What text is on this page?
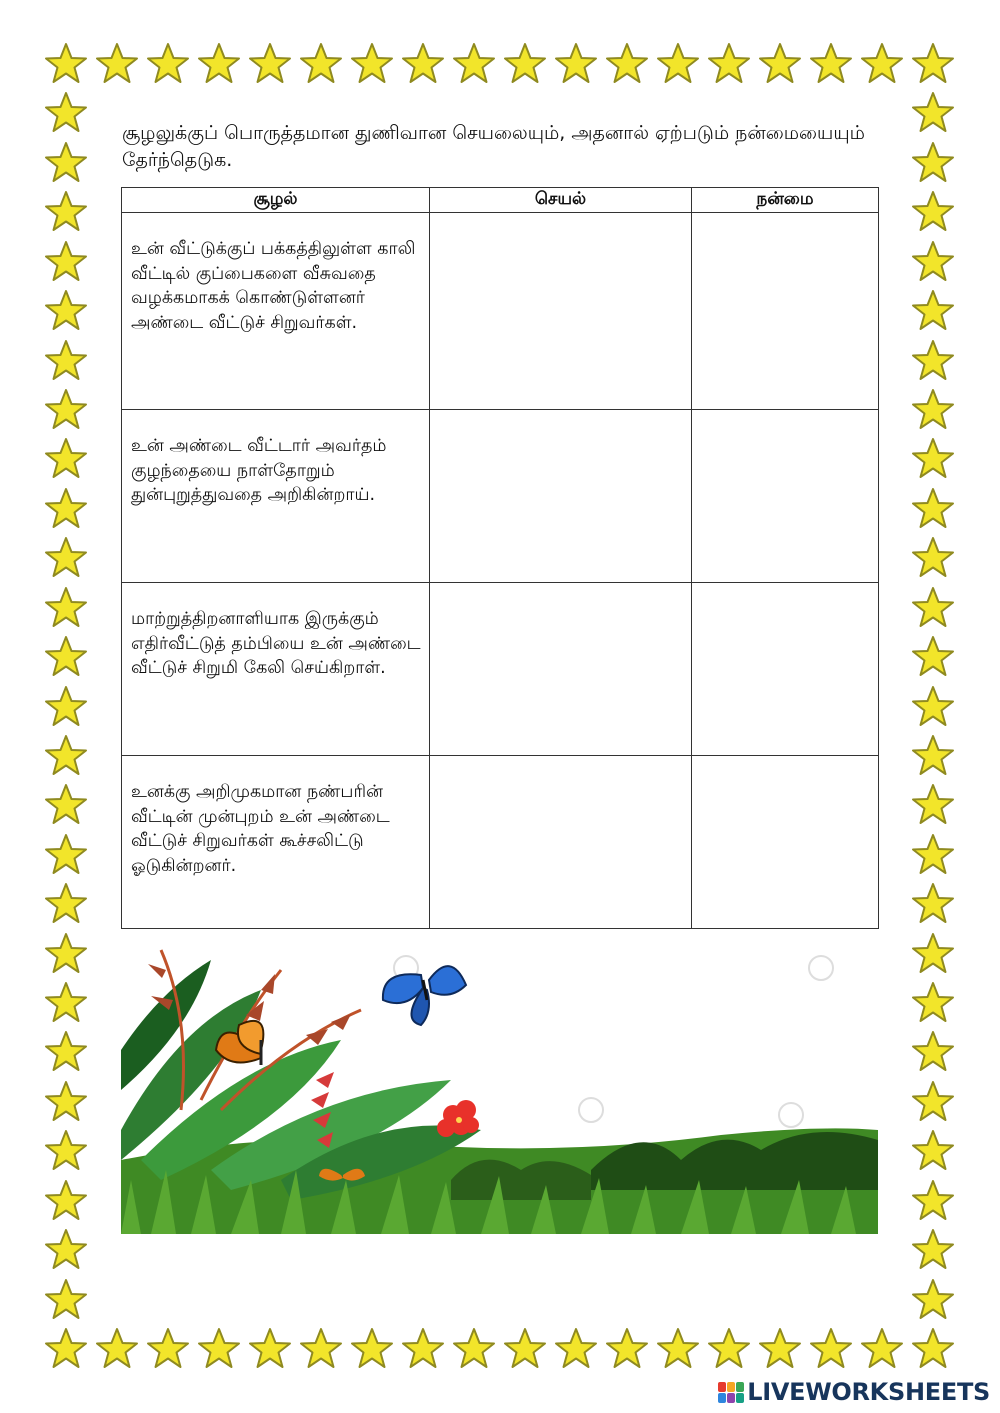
சூழலுக்குப் பொருத்தமான துணிவான செயலையும், அதனால் ஏற்படும் நன்மையையும் தேர்ந்தெடுக.
சூழல்	செயல்	நன்மை
உன் வீட்டுக்குப் பக்கத்திலுள்ள காலி வீட்டில் குப்பைகளை வீசுவதை வழக்கமாகக் கொண்டுள்ளனர் அண்டை வீட்டுச் சிறுவர்கள்.	

உன் அண்டை வீட்டார் அவர்தம் குழந்தையை நாள்தோறும் துன்புறுத்துவதை அறிகின்றாய்.	

மாற்றுத்திறனாளியாக இருக்கும் எதிர்வீட்டுத் தம்பியை உன் அண்டை வீட்டுச் சிறுமி கேலி செய்கிறாள்.	

உனக்கு அறிமுகமான நண்பரின் வீட்டின் முன்புறம் உன் அண்டை வீட்டுச் சிறுவர்கள் கூச்சலிட்டு ஓடுகின்றனர்.	

LIVEWORKSHEETS
